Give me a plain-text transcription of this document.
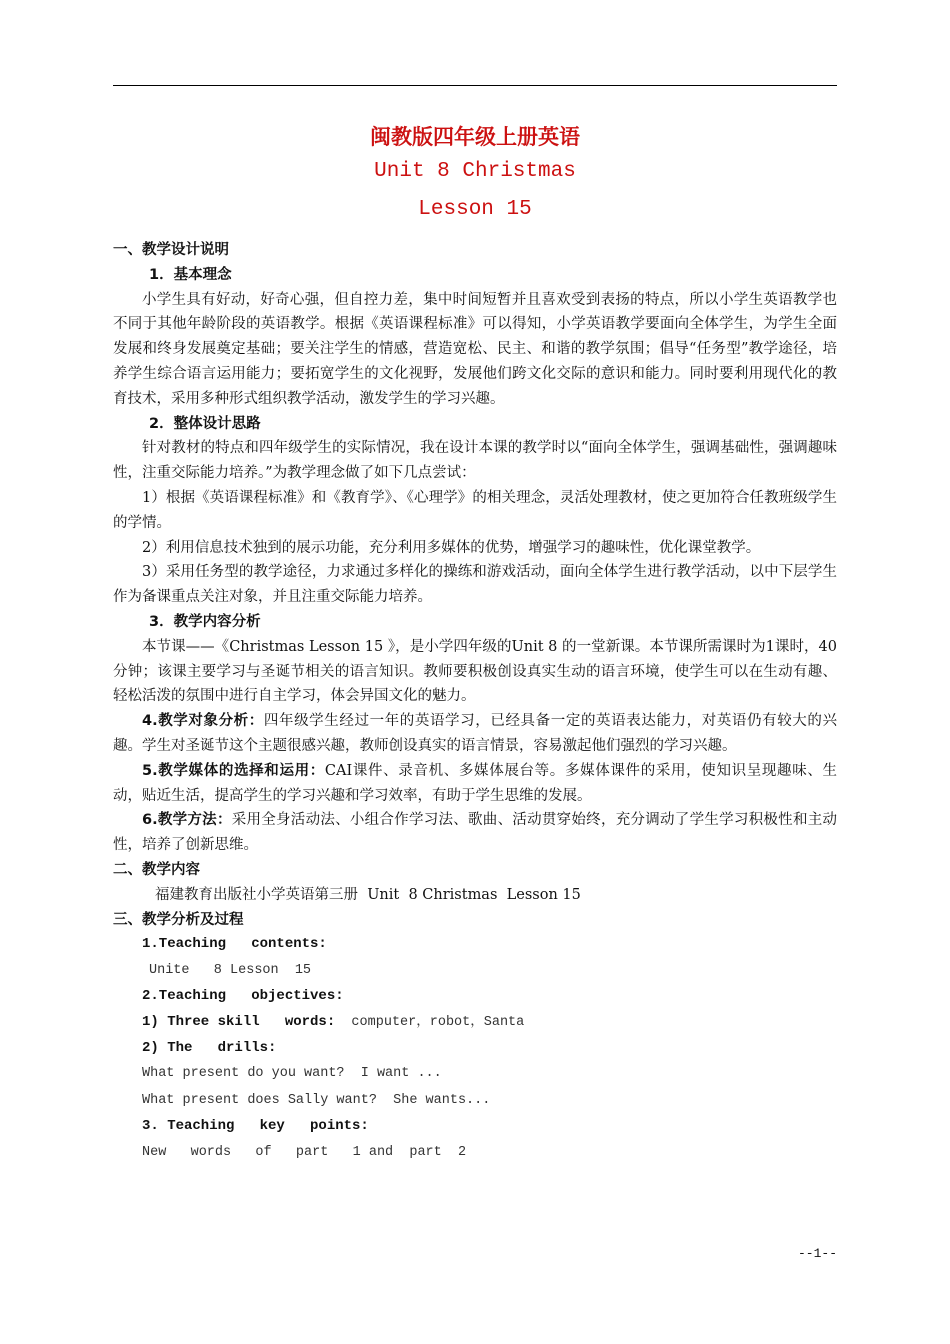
闽教版四年级上册英语
Unit 8 Christmas
Lesson 15

一、教学设计说明

1．基本理念

小学生具有好动，好奇心强，但自控力差，集中时间短暂并且喜欢受到表扬的特点，所以小学生英语教学也不同于其他年龄阶段的英语教学。根据《英语课程标准》可以得知，小学英语教学要面向全体学生，为学生全面发展和终身发展奠定基础；要关注学生的情感，营造宽松、民主、和谐的教学氛围；倡导“任务型”教学途径，培养学生综合语言运用能力；要拓宽学生的文化视野，发展他们跨文化交际的意识和能力。同时要利用现代化的教育技术，采用多种形式组织教学活动，激发学生的学习兴趣。

2．整体设计思路

针对教材的特点和四年级学生的实际情况，我在设计本课的教学时以“面向全体学生，强调基础性，强调趣味性，注重交际能力培养。”为教学理念做了如下几点尝试：

1）根据《英语课程标准》和《教育学》、《心理学》的相关理念，灵活处理教材，使之更加符合任教班级学生的学情。

2）利用信息技术独到的展示功能，充分利用多媒体的优势，增强学习的趣味性，优化课堂教学。

3）采用任务型的教学途径，力求通过多样化的操练和游戏活动，面向全体学生进行教学活动，以中下层学生作为备课重点关注对象，并且注重交际能力培养。

3．教学内容分析

本节课——《Christmas Lesson 15 》，是小学四年级的Unit 8 的一堂新课。本节课所需课时为1课时，40分钟；该课主要学习与圣诞节相关的语言知识。教师要积极创设真实生动的语言环境，使学生可以在生动有趣、轻松活泼的氛围中进行自主学习，体会异国文化的魅力。

4.教学对象分析：四年级学生经过一年的英语学习，已经具备一定的英语表达能力，对英语仍有较大的兴趣。学生对圣诞节这个主题很感兴趣，教师创设真实的语言情景，容易激起他们强烈的学习兴趣。

5.教学媒体的选择和运用：CAI课件、录音机、多媒体展台等。多媒体课件的采用，使知识呈现趣味、生动，贴近生活，提高学生的学习兴趣和学习效率，有助于学生思维的发展。

6.教学方法：采用全身活动法、小组合作学习法、歌曲、活动贯穿始终，充分调动了学生学习积极性和主动性，培养了创新思维。

二、教学内容

福建教育出版社小学英语第三册  Unit  8 Christmas  Lesson 15

三、教学分析及过程

1.Teaching   contents:

Unite   8 Lesson  15

2.Teaching   objectives:

1) Three skill   words:  computer，robot，Santa

2) The   drills:

What present do you want?  I want ...

What present does Sally want?  She wants...

3. Teaching   key   points:

New   words   of   part   1 and  part  2

--1--
